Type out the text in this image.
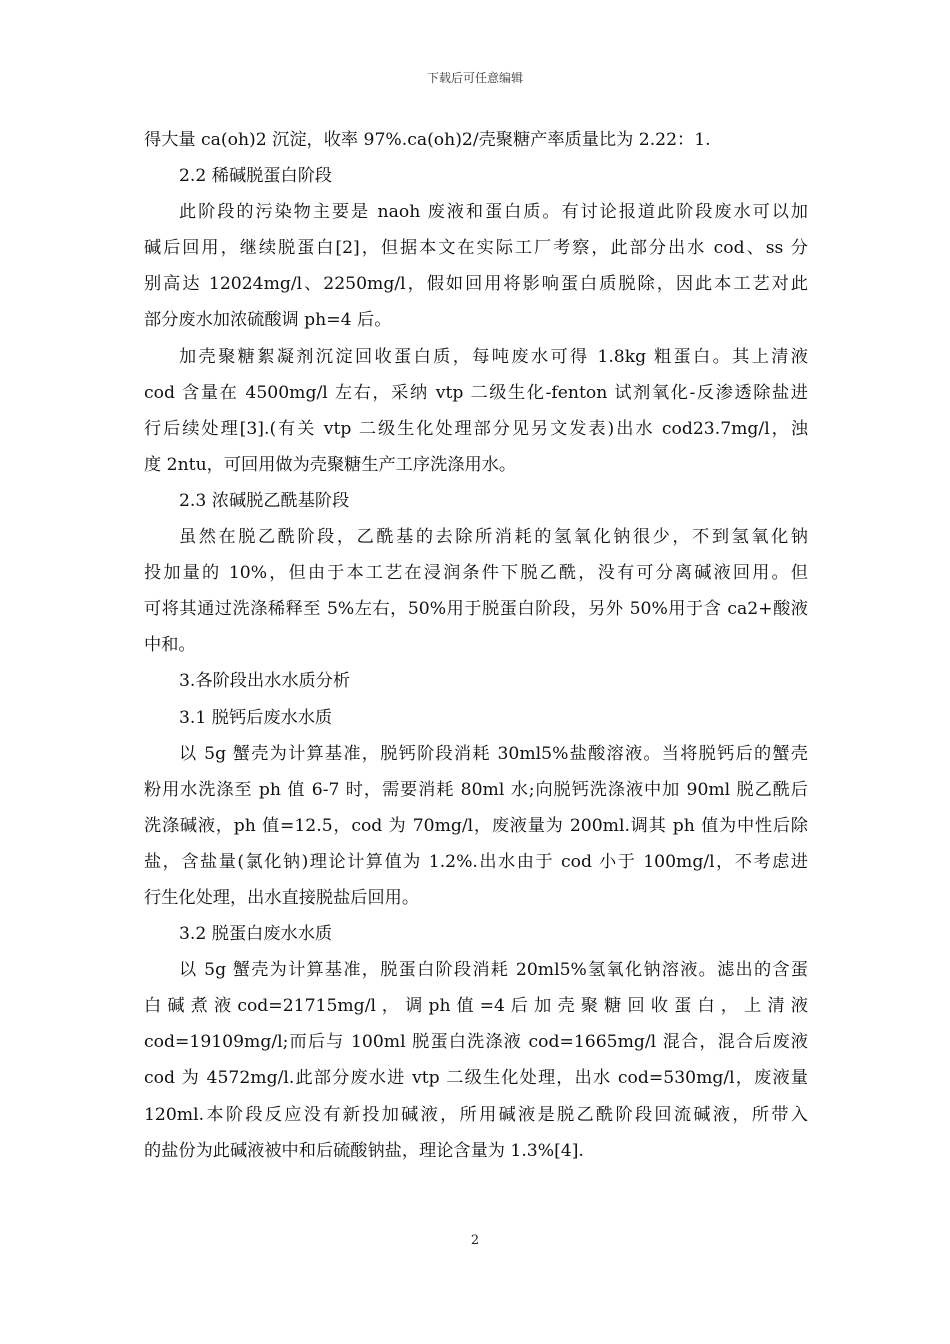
下载后可任意编辑
得大量 ca(oh)2 沉淀，收率 97%.ca(oh)2/壳聚糖产率质量比为 2.22：1.
2.2 稀碱脱蛋白阶段
此阶段的污染物主要是 naoh 废液和蛋白质。有讨论报道此阶段废水可以加
碱后回用，继续脱蛋白[2]，但据本文在实际工厂考察，此部分出水 cod、ss 分
别高达 12024mg/l、2250mg/l，假如回用将影响蛋白质脱除，因此本工艺对此
部分废水加浓硫酸调 ph=4 后。
加壳聚糖絮凝剂沉淀回收蛋白质，每吨废水可得 1.8kg 粗蛋白。其上清液
cod 含量在 4500mg/l 左右，采纳 vtp 二级生化-fenton 试剂氧化-反渗透除盐进
行后续处理[3].(有关 vtp 二级生化处理部分见另文发表)出水 cod23.7mg/l，浊
度 2ntu，可回用做为壳聚糖生产工序洗涤用水。
2.3 浓碱脱乙酰基阶段
虽然在脱乙酰阶段，乙酰基的去除所消耗的氢氧化钠很少，不到氢氧化钠
投加量的 10%，但由于本工艺在浸润条件下脱乙酰，没有可分离碱液回用。但
可将其通过洗涤稀释至 5%左右，50%用于脱蛋白阶段，另外 50%用于含 ca2+酸液
中和。
3.各阶段出水水质分析
3.1 脱钙后废水水质
以 5g 蟹壳为计算基准，脱钙阶段消耗 30ml5%盐酸溶液。当将脱钙后的蟹壳
粉用水洗涤至 ph 值 6-7 时，需要消耗 80ml 水;向脱钙洗涤液中加 90ml 脱乙酰后
洗涤碱液，ph 值=12.5，cod 为 70mg/l，废液量为 200ml.调其 ph 值为中性后除
盐，含盐量(氯化钠)理论计算值为 1.2%.出水由于 cod 小于 100mg/l，不考虑进
行生化处理，出水直接脱盐后回用。
3.2 脱蛋白废水水质
以 5g 蟹壳为计算基准，脱蛋白阶段消耗 20ml5%氢氧化钠溶液。滤出的含蛋
白 碱 煮 液 cod=21715mg/l ， 调 ph 值 =4 后 加 壳 聚 糖 回 收 蛋 白 ， 上 清 液
cod=19109mg/l;而后与 100ml 脱蛋白洗涤液 cod=1665mg/l 混合，混合后废液
cod 为 4572mg/l.此部分废水进 vtp 二级生化处理，出水 cod=530mg/l，废液量
120ml.本阶段反应没有新投加碱液，所用碱液是脱乙酰阶段回流碱液，所带入
的盐份为此碱液被中和后硫酸钠盐，理论含量为 1.3%[4].
2
